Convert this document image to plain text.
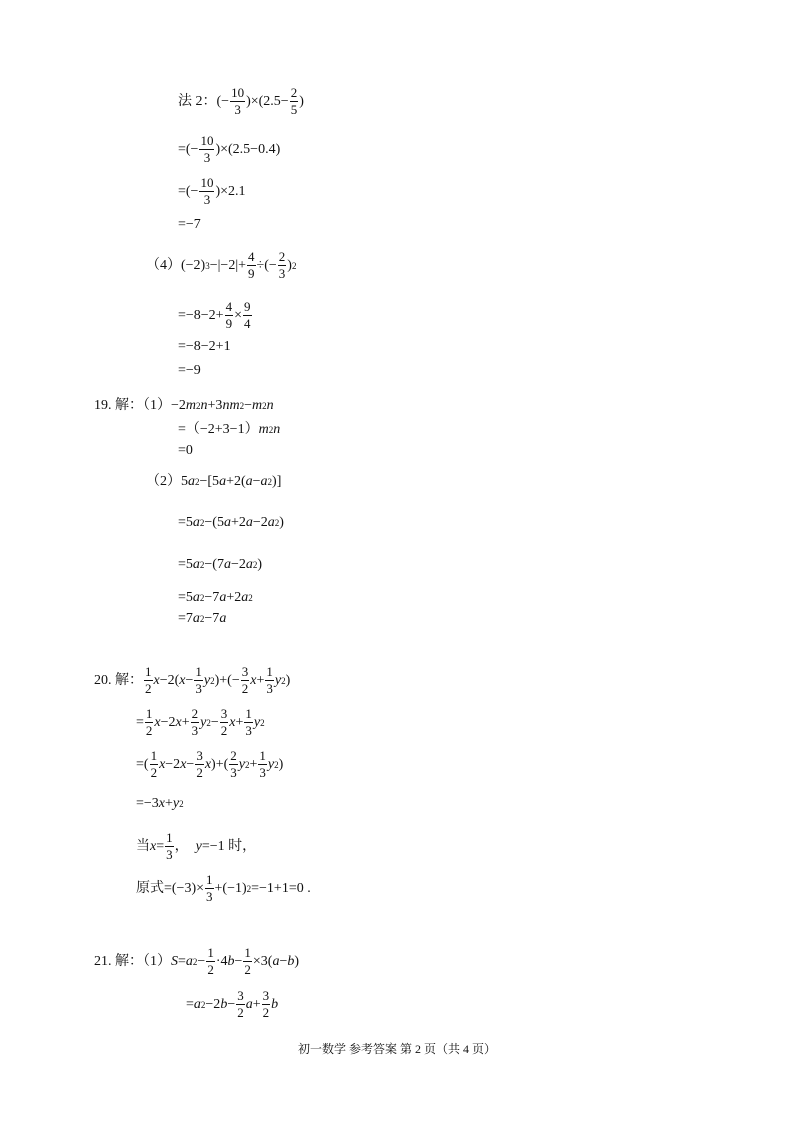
法 2：(− $\frac{10}{3} )\times(2.5- \frac{2}{5}$ )
=(− $\frac{10}{3} )\times(2.5-0.4)$
=(− $\frac{10}{3} )\times 2.1$
=−7
（4）(−2) $3 -|-2|+ \frac{4}{9}$ ÷(− $\frac{2}{3}$ ) 2
$=-8-2+ \frac{4}{9} \times \frac{9}{4}$
=−8−2+1
=−9
19. 解：（1）−2 m 2 n +3 nm 2 − m 2 n
=（−2+3−1） m 2 n
=0
（2）5 a 2 −[5 a +2( a − a 2 )]
=5 a 2 −(5 a +2 a −2 a 2 )
=5 a 2 −(7 a −2 a 2 )
=5 a 2 −7 a +2 a 2
=7 a 2 −7 a
20. 解： $\frac{1}{2}$ x −2( $x - \frac{1}{3}$ y 2 )+(− $\frac{3}{2}$ $x + \frac{1}{3}$ y 2 )
= $\frac{1}{2}$ x −2 $x + \frac{2}{3}$ y $2 - \frac{3}{2}$ $x + \frac{1}{3}$ y 2
=( $\frac{1}{2}$ x −2 $x - \frac{3}{2}$ x )+( $\frac{2}{3}$ y $2 + \frac{1}{3}$ y 2 )
=−3 x + y 2
当 $x = \frac{1}{3}$ ， y =−1 时，
原式$=(-3)\times \frac{1}{3} +(-1)$ 2 =−1+1=0 .
21. 解：（1） S = a $2 - \frac{1}{2} \cdot 4$ $b - \frac{1}{2} \times 3$( a − b )
= a 2 −2 $b - \frac{3}{2}$ $a + \frac{3}{2}$ b
初一数学 参考答案 第 2 页（共 4 页）
